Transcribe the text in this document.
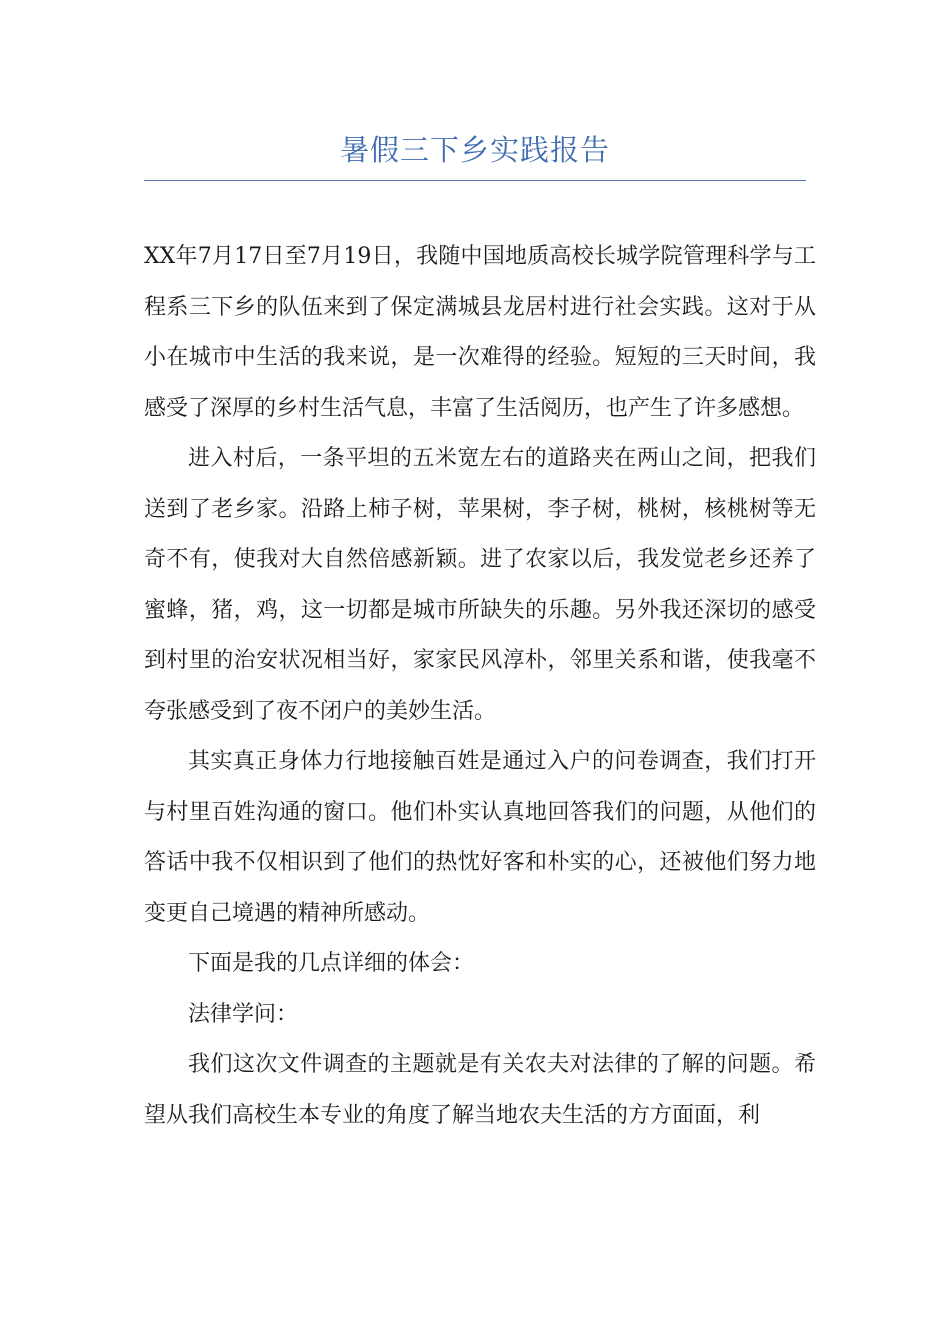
暑假三下乡实践报告

XX年7月17日至7月19日，我随中国地质高校长城学院管理科学与工程系三下乡的队伍来到了保定满城县龙居村进行社会实践。这对于从小在城市中生活的我来说，是一次难得的经验。短短的三天时间，我感受了深厚的乡村生活气息，丰富了生活阅历，也产生了许多感想。

进入村后，一条平坦的五米宽左右的道路夹在两山之间，把我们送到了老乡家。沿路上柿子树，苹果树，李子树，桃树，核桃树等无奇不有，使我对大自然倍感新颖。进了农家以后，我发觉老乡还养了蜜蜂，猪，鸡，这一切都是城市所缺失的乐趣。另外我还深切的感受到村里的治安状况相当好，家家民风淳朴，邻里关系和谐，使我毫不夸张感受到了夜不闭户的美妙生活。

其实真正身体力行地接触百姓是通过入户的问卷调查，我们打开与村里百姓沟通的窗口。他们朴实认真地回答我们的问题，从他们的答话中我不仅相识到了他们的热忱好客和朴实的心，还被他们努力地变更自己境遇的精神所感动。

下面是我的几点详细的体会：

法律学问：

我们这次文件调查的主题就是有关农夫对法律的了解的问题。希望从我们高校生本专业的角度了解当地农夫生活的方方面面，利
